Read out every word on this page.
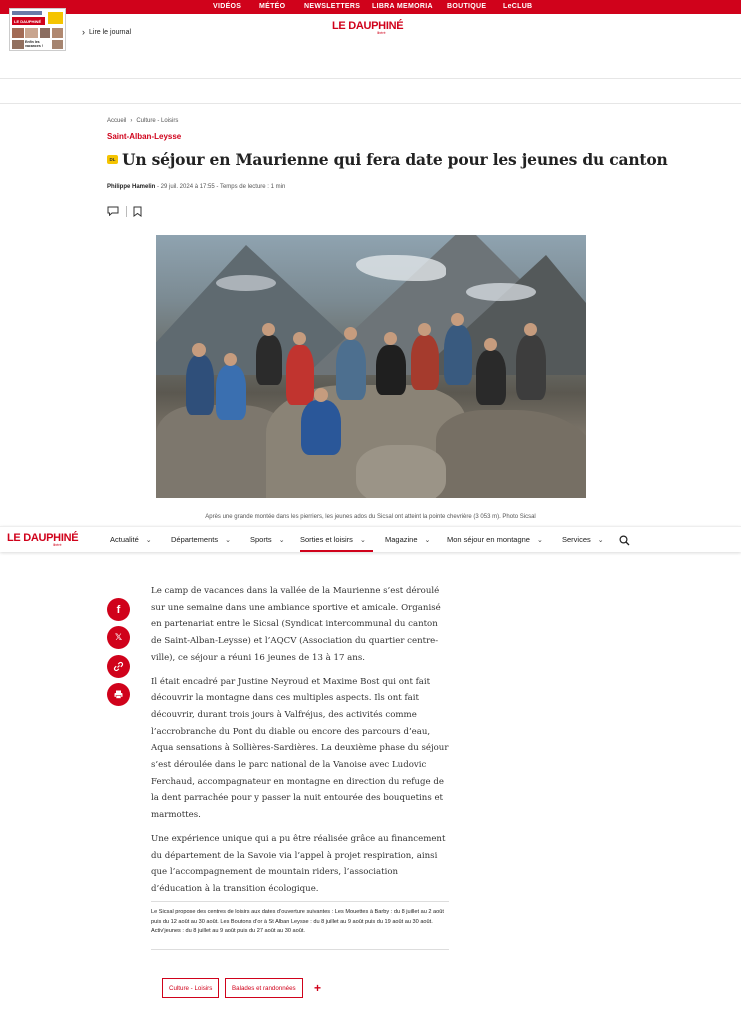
VIDÉOS	MÉTÉO	NEWSLETTERS LIBRA MEMORIA BOUTIQUE LeCLUB
LE DAUPHINÉ
Enfin les vacances !
› Lire le journal	LE DAUPHINÉ
libéré
Accueil › Culture - Loisirs
Saint-Alban-Leysse
DL Un séjour en Maurienne qui fera date pour les jeunes du canton
Philippe Hamelin - 29 juil. 2024 à 17:55 - Temps de lecture : 1 min
Après une grande montée dans les pierriers, les jeunes ados du Sicsal ont atteint la pointe chevrière (3 053 m). Photo Sicsal
LE DAUPHINÉ
libéré
Actualité ⌄	Départements ⌄	Sports ⌄ Sorties et loisirs ⌄	Magazine ⌄ Mon séjour en montagne ⌄	Services ⌄
f
𝕏

Le camp de vacances dans la vallée de la Maurienne s’est déroulé sur une semaine dans une ambiance sportive et amicale. Organisé en partenariat entre le Sicsal (Syndicat intercommunal du canton de Saint-Alban-Leysse) et l’AQCV (Association du quartier centre-ville), ce séjour a réuni 16 jeunes de 13 à 17 ans.

Il était encadré par Justine Neyroud et Maxime Bost qui ont fait découvrir la montagne dans ces multiples aspects. Ils ont fait découvrir, durant trois jours à Valfréjus, des activités comme l’accrobranche du Pont du diable ou encore des parcours d’eau, Aqua sensations à Sollières-Sardières. La deuxième phase du séjour s’est déroulée dans le parc national de la Vanoise avec Ludovic Ferchaud, accompagnateur en montagne en direction du refuge de la dent parrachée pour y passer la nuit entourée des bouquetins et marmottes.

Une expérience unique qui a pu être réalisée grâce au financement du département de la Savoie via l’appel à projet respiration, ainsi que l’accompagnement de mountain riders, l’association d’éducation à la transition écologique.

Le Sicsal propose des centres de loisirs aux dates d’ouverture suivantes : Les Mouettes à Barby : du 8 juillet au 2 août puis du 12 août au 30 août. Les Boutons d’or à St Alban Leysse : du 8 juillet au 9 août puis du 19 août au 30 août. Activ’jeunes : du 8 juillet au 9 août puis du 27 août au 30 août.
Culture - Loisirs	Balades et randonnées	+
